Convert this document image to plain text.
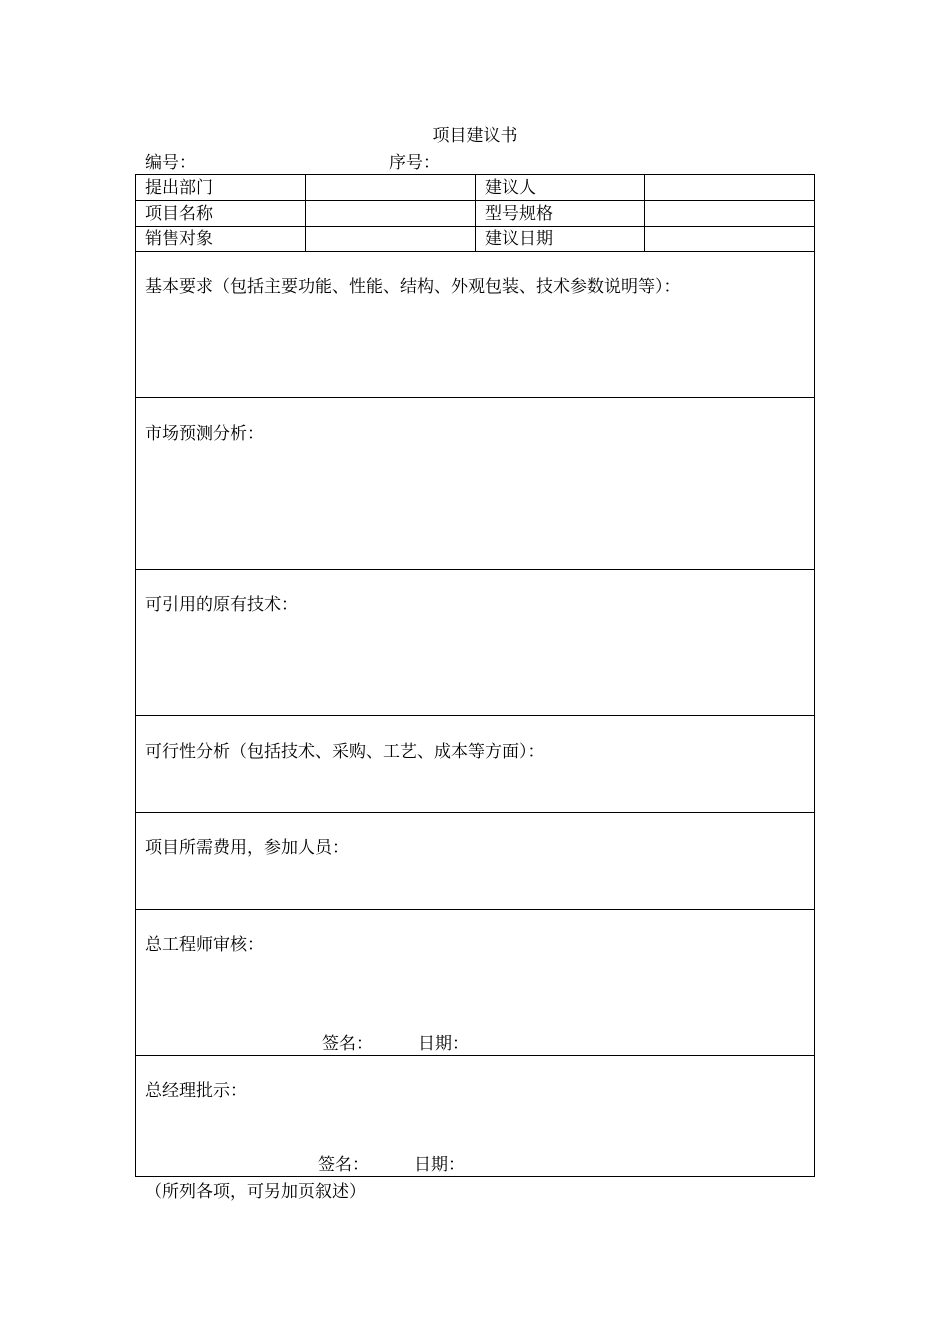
项目建议书
编号：	序号：
提出部门	建议人
项目名称	型号规格
销售对象	建议日期
基本要求（包括主要功能、性能、结构、外观包装、技术参数说明等）：
市场预测分析：
可引用的原有技术：
可行性分析（包括技术、采购、工艺、成本等方面）：
项目所需费用，参加人员：
总工程师审核：
总经理批示：
签名：	日期：
签名：	日期：
（所列各项，可另加页叙述）
